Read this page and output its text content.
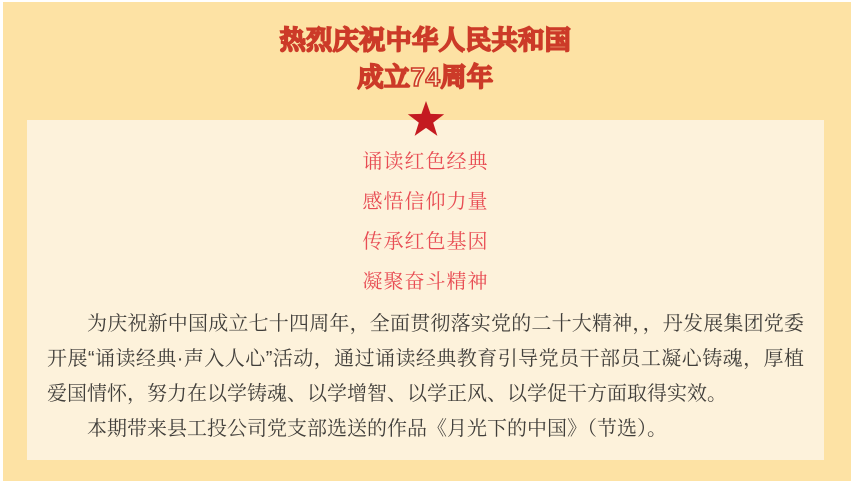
热烈庆祝中华人民共和国
成立74周年
诵读红色经典
感悟信仰力量
传承红色基因
凝聚奋斗精神

为庆祝新中国成立七十四周年，全面贯彻落实党的二十大精神，，丹发展集团党委开展“诵读经典·声入人心”活动，通过诵读经典教育引导党员干部员工凝心铸魂，厚植爱国情怀，努力在以学铸魂、以学增智、以学正风、以学促干方面取得实效。

本期带来县工投公司党支部选送的作品《月光下的中国》（节选）。
